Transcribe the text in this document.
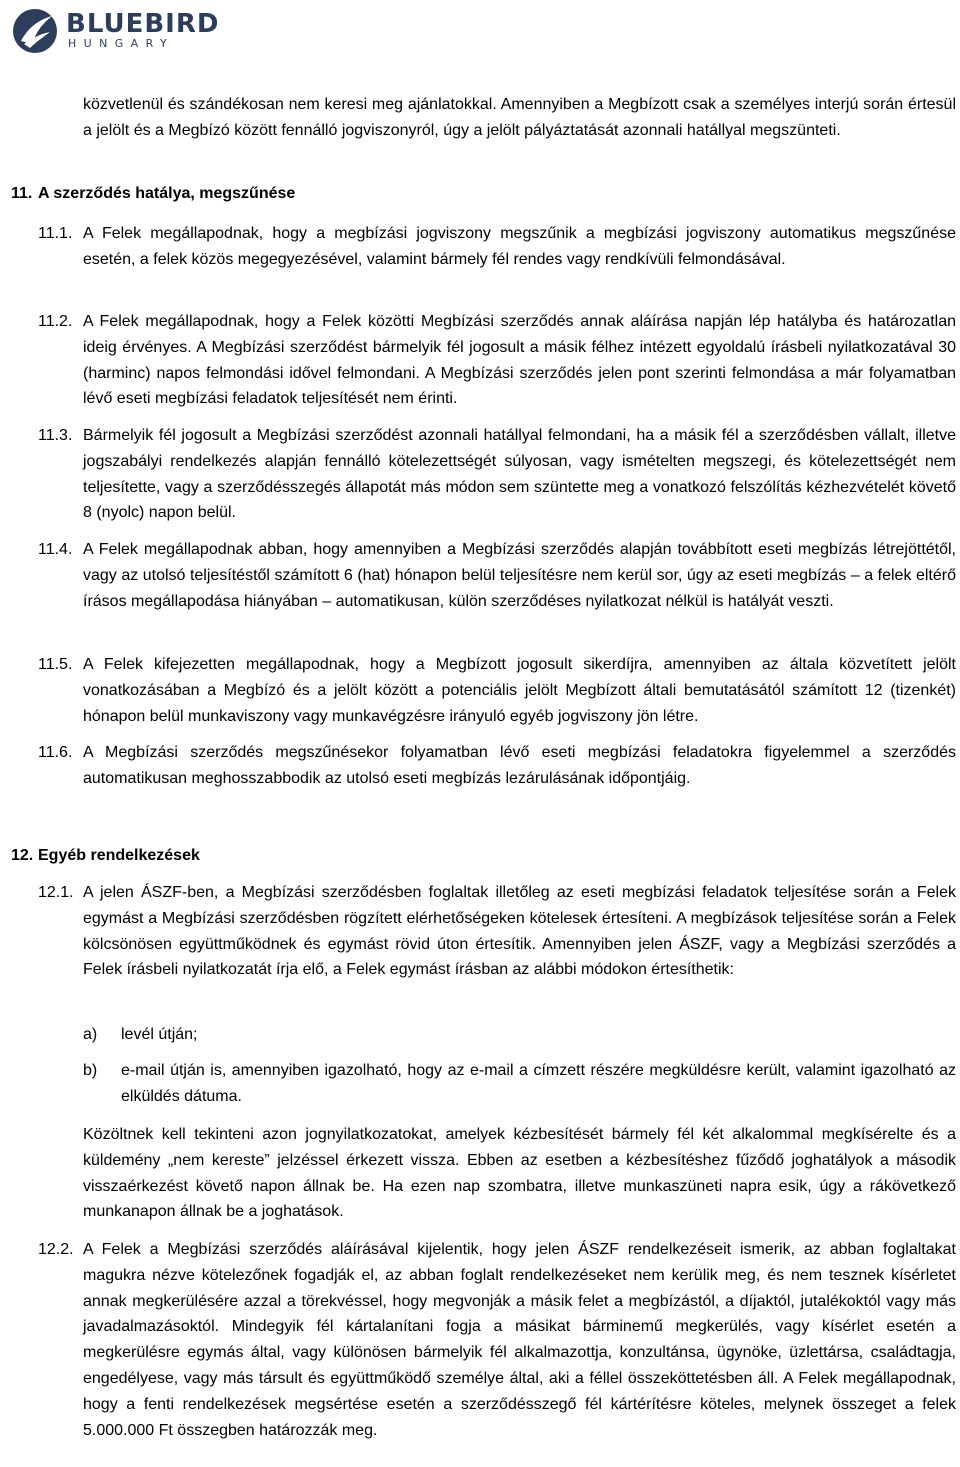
BLUEBIRD
HUNGARY
közvetlenül és szándékosan nem keresi meg ajánlatokkal. Amennyiben a Megbízott csak a személyes interjú során értesül a jelölt és a Megbízó között fennálló jogviszonyról, úgy a jelölt pályáztatását azonnali hatállyal megszünteti.
11. A szerződés hatálya, megszűnése
11.1. A Felek megállapodnak, hogy a megbízási jogviszony megszűnik a megbízási jogviszony automatikus megszűnése esetén, a felek közös megegyezésével, valamint bármely fél rendes vagy rendkívüli felmondásával.
11.2. A Felek megállapodnak, hogy a Felek közötti Megbízási szerződés annak aláírása napján lép hatályba és határozatlan ideig érvényes. A Megbízási szerződést bármelyik fél jogosult a másik félhez intézett egyoldalú írásbeli nyilatkozatával 30 (harminc) napos felmondási idővel felmondani. A Megbízási szerződés jelen pont szerinti felmondása a már folyamatban lévő eseti megbízási feladatok teljesítését nem érinti.
11.3. Bármelyik fél jogosult a Megbízási szerződést azonnali hatállyal felmondani, ha a másik fél a szerződésben vállalt, illetve jogszabályi rendelkezés alapján fennálló kötelezettségét súlyosan, vagy ismételten megszegi, és kötelezettségét nem teljesítette, vagy a szerződésszegés állapotát más módon sem szüntette meg a vonatkozó felszólítás kézhezvételét követő 8 (nyolc) napon belül.
11.4. A Felek megállapodnak abban, hogy amennyiben a Megbízási szerződés alapján továbbított eseti megbízás létrejöttétől, vagy az utolsó teljesítéstől számított 6 (hat) hónapon belül teljesítésre nem kerül sor, úgy az eseti megbízás – a felek eltérő írásos megállapodása hiányában – automatikusan, külön szerződéses nyilatkozat nélkül is hatályát veszti.
11.5. A Felek kifejezetten megállapodnak, hogy a Megbízott jogosult sikerdíjra, amennyiben az általa közvetített jelölt vonatkozásában a Megbízó és a jelölt között a potenciális jelölt Megbízott általi bemutatásától számított 12 (tizenkét) hónapon belül munkaviszony vagy munkavégzésre irányuló egyéb jogviszony jön létre.
11.6. A Megbízási szerződés megszűnésekor folyamatban lévő eseti megbízási feladatokra figyelemmel a szerződés automatikusan meghosszabbodik az utolsó eseti megbízás lezárulásának időpontjáig.
12. Egyéb rendelkezések
12.1. A jelen ÁSZF-ben, a Megbízási szerződésben foglaltak illetőleg az eseti megbízási feladatok teljesítése során a Felek egymást a Megbízási szerződésben rögzített elérhetőségeken kötelesek értesíteni. A megbízások teljesítése során a Felek kölcsönösen együttműködnek és egymást rövid úton értesítik. Amennyiben jelen ÁSZF, vagy a Megbízási szerződés a Felek írásbeli nyilatkozatát írja elő, a Felek egymást írásban az alábbi módokon értesíthetik:
a) levél útján;
b) e-mail útján is, amennyiben igazolható, hogy az e-mail a címzett részére megküldésre került, valamint igazolható az elküldés dátuma.
Közöltnek kell tekinteni azon jognyilatkozatokat, amelyek kézbesítését bármely fél két alkalommal megkísérelte és a küldemény „nem kereste” jelzéssel érkezett vissza. Ebben az esetben a kézbesítéshez fűződő joghatályok a második visszaérkezést követő napon állnak be. Ha ezen nap szombatra, illetve munkaszüneti napra esik, úgy a rákövetkező munkanapon állnak be a joghatások.
12.2. A Felek a Megbízási szerződés aláírásával kijelentik, hogy jelen ÁSZF rendelkezéseit ismerik, az abban foglaltakat magukra nézve kötelezőnek fogadják el, az abban foglalt rendelkezéseket nem kerülik meg, és nem tesznek kísérletet annak megkerülésére azzal a törekvéssel, hogy megvonják a másik felet a megbízástól, a díjaktól, jutalékoktól vagy más javadalmazásoktól. Mindegyik fél kártalanítani fogja a másikat bárminemű megkerülés, vagy kísérlet esetén a megkerülésre egymás által, vagy különösen bármelyik fél alkalmazottja, konzultánsa, ügynöke, üzlettársa, családtagja, engedélyese, vagy más társult és együttműködő személye által, aki a féllel összeköttetésben áll. A Felek megállapodnak, hogy a fenti rendelkezések megsértése esetén a szerződésszegő fél kártérítésre köteles, melynek összeget a felek 5.000.000 Ft összegben határozzák meg.
